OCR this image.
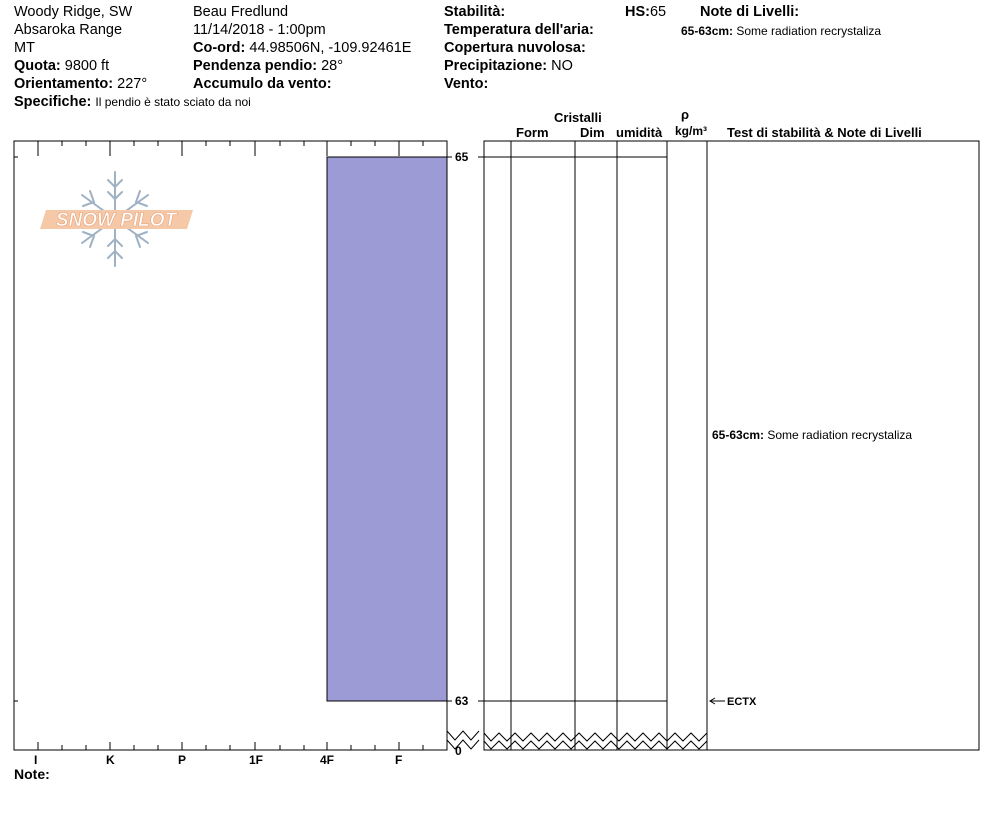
Woody Ridge, SW
Absaroka Range
MT
Quota: 9800 ft
Orientamento: 227°
Specifiche: Il pendio è stato sciato da noi
Beau Fredlund
11/14/2018 - 1:00pm
Co-ord: 44.98506N, -109.92461E
Pendenza pendio: 28°
Accumulo da vento:
Stabilità:
Temperatura dell'aria:
Copertura nuvolosa:
Precipitazione: NO
Vento:
HS:65 Note di Livelli:
65-63cm: Some radiation recrystaliza
Cristalli
Form Dim umidità
ρ
kg/m³ Test di stabilità & Note di Livelli
SNOW PILOT
65
63
0
I	K	P	1F	4F	F
65-63cm: Some radiation recrystaliza
ECTX
Note:
